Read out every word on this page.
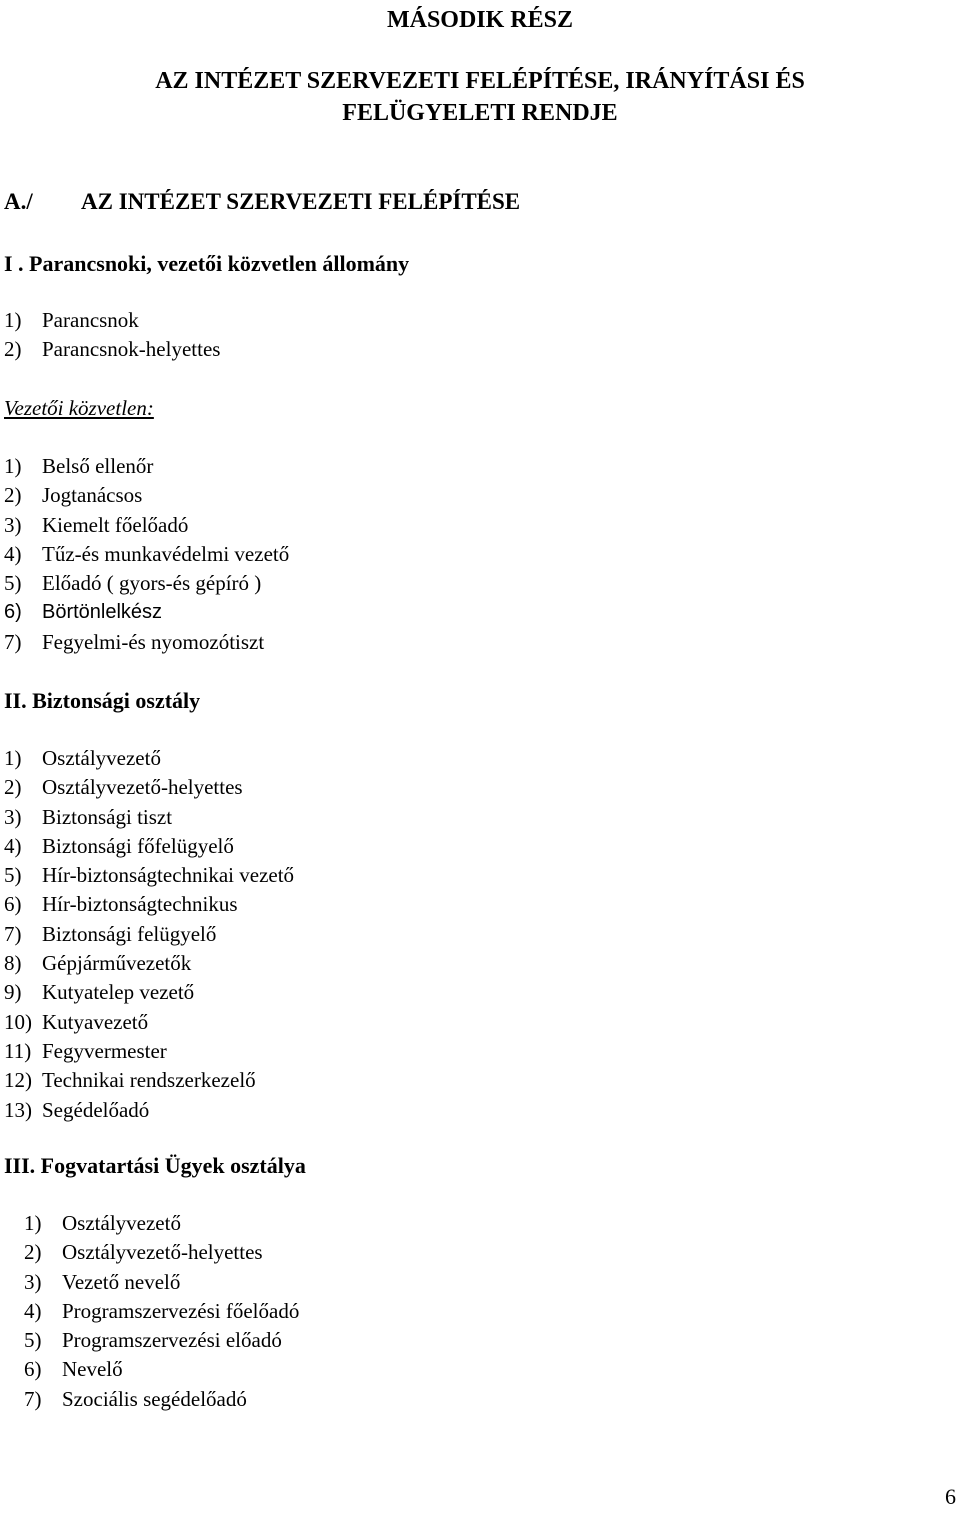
MÁSODIK RÉSZ
AZ INTÉZET SZERVEZETI FELÉPÍTÉSE, IRÁNYÍTÁSI ÉS
FELÜGYELETI RENDJE
A./ AZ INTÉZET SZERVEZETI FELÉPÍTÉSE
I . Parancsnoki, vezetői közvetlen állomány
1) Parancsnok
2) Parancsnok-helyettes
Vezetői közvetlen:
1) Belső ellenőr
2) Jogtanácsos
3) Kiemelt főelőadó
4) Tűz-és munkavédelmi vezető
5) Előadó ( gyors-és gépíró )
6) Börtönlelkész
7) Fegyelmi-és nyomozótiszt
II. Biztonsági osztály
1) Osztályvezető
2) Osztályvezető-helyettes
3) Biztonsági tiszt
4) Biztonsági főfelügyelő
5) Hír-biztonságtechnikai vezető
6) Hír-biztonságtechnikus
7) Biztonsági felügyelő
8) Gépjárművezetők
9) Kutyatelep vezető
10) Kutyavezető
11) Fegyvermester
12) Technikai rendszerkezelő
13) Segédelőadó
III. Fogvatartási Ügyek osztálya
1) Osztályvezető
2) Osztályvezető-helyettes
3) Vezető nevelő
4) Programszervezési főelőadó
5) Programszervezési előadó
6) Nevelő
7) Szociális segédelőadó
6
